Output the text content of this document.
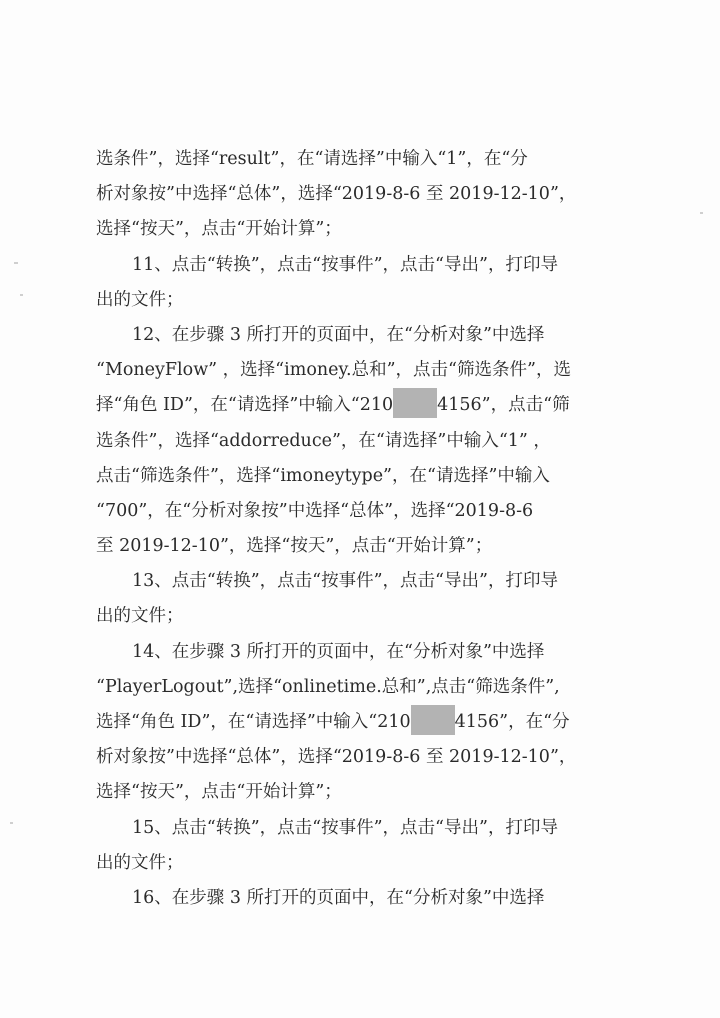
选条件”，选择“result”，在“请选择”中输入“1”，在“分
析对象按”中选择“总体”，选择“2019-8-6 至 2019-12-10”，
选择“按天”，点击“开始计算”；
11、点击“转换”，点击“按事件”，点击“导出”，打印导
出的文件；
12、在步骤 3 所打开的页面中，在“分析对象”中选择
“MoneyFlow” ，选择“imoney.总和”，点击“筛选条件”，选
择“角色 ID”，在“请选择”中输入“210	4156”，点击“筛
选条件”，选择“addorreduce”，在“请选择”中输入“1” ，
点击“筛选条件”，选择“imoneytype”，在“请选择”中输入
“700”，在“分析对象按”中选择“总体”，选择“2019-8-6
至 2019-12-10”，选择“按天”，点击“开始计算”；
13、点击“转换”，点击“按事件”，点击“导出”，打印导
出的文件；
14、在步骤 3 所打开的页面中，在“分析对象”中选择
“PlayerLogout”,选择“onlinetime.总和”,点击“筛选条件”,
选择“角色 ID”，在“请选择”中输入“210	4156”，在“分
析对象按”中选择“总体”，选择“2019-8-6 至 2019-12-10”，
选择“按天”，点击“开始计算”；
15、点击“转换”，点击“按事件”，点击“导出”，打印导
出的文件；
16、在步骤 3 所打开的页面中，在“分析对象”中选择
